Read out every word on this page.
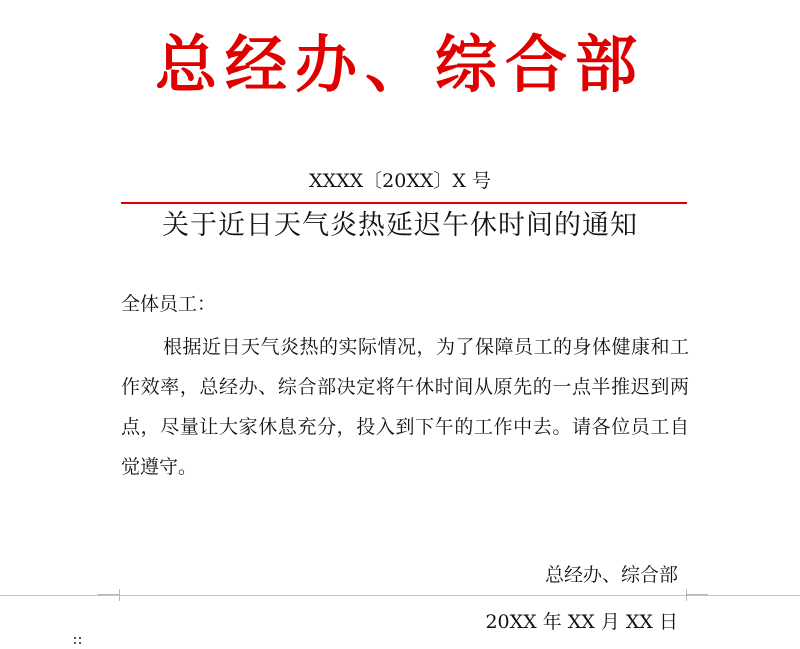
总经办、综合部
XXXX〔20XX〕X 号
关于近日天气炎热延迟午休时间的通知
全体员工：

根据近日天气炎热的实际情况，为了保障员工的身体健康和工作效率，总经办、综合部决定将午休时间从原先的一点半推迟到两点，尽量让大家休息充分，投入到下午的工作中去。请各位员工自觉遵守。

总经办、综合部
20XX 年 XX 月 XX 日
